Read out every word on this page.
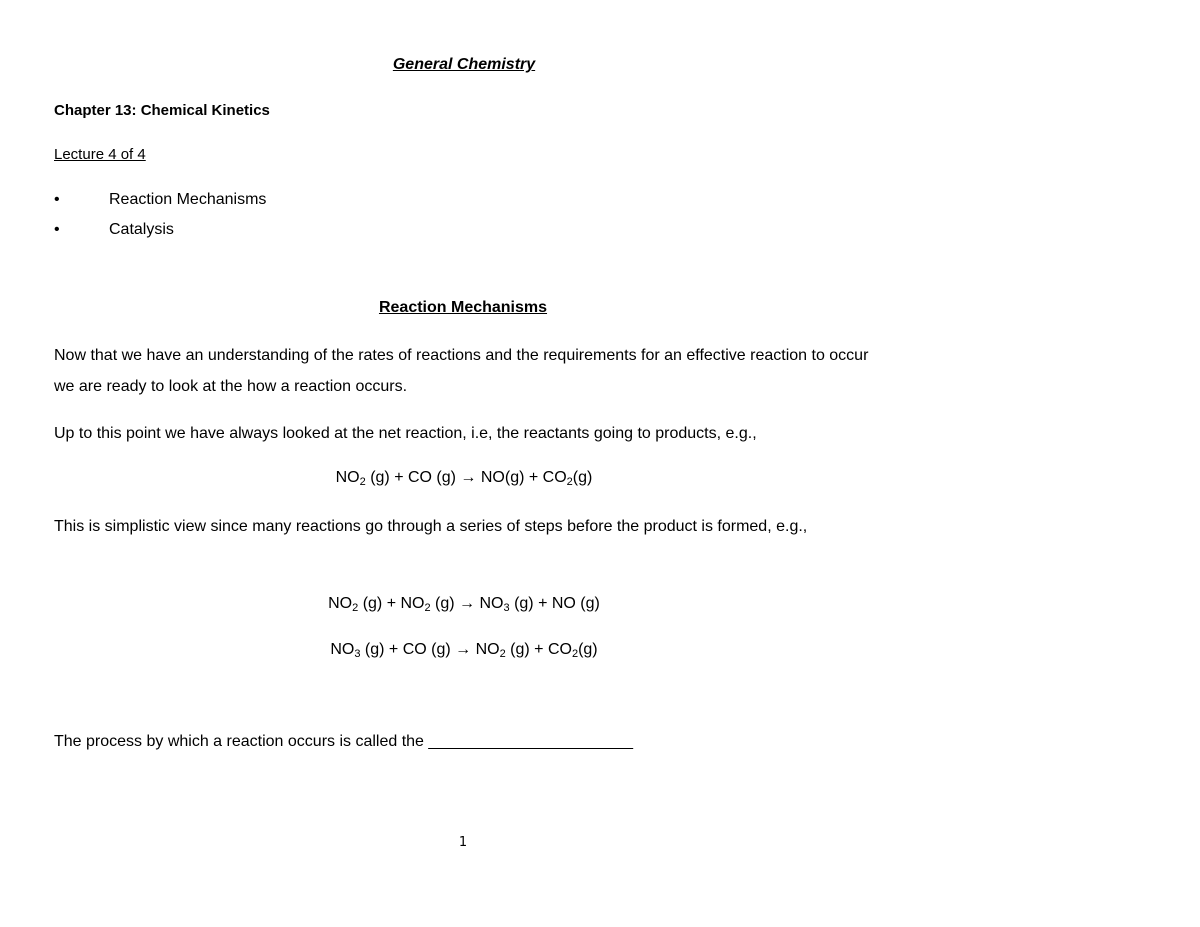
General Chemistry
Chapter 13: Chemical Kinetics
Lecture 4 of 4
•	Reaction Mechanisms
•	Catalysis
Reaction Mechanisms
Now that we have an understanding of the rates of reactions and the requirements for an effective reaction to occur we are ready to look at the how a reaction occurs.
Up to this point we have always looked at the net reaction, i.e, the reactants going to products, e.g.,
$NO_2$ (g) + CO $(g) \to NO(g) + CO_2(g)$
This is simplistic view since many reactions go through a series of steps before the product is formed, e.g.,
$NO_2$ $(g) + NO_2$ $(g) \to NO_3$ (g) + NO (g)
$NO_3$ (g) + CO $(g) \to NO_2$ $(g) + CO_2(g)$
The process by which a reaction occurs is called the _______________________
1
